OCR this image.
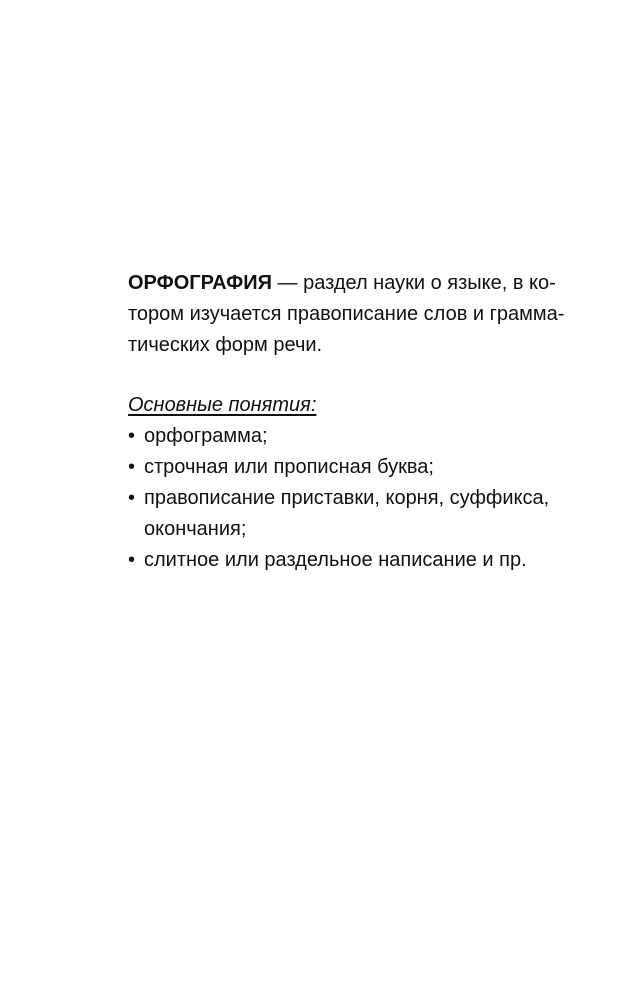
ОРФОГРАФИЯ — раздел науки о языке, в ко-
тором изучается правописание слов и грамма-
тических форм речи.
Основные понятия:
• орфограмма;
• строчная или прописная буква;
• правописание приставки, корня, суффикса,
окончания;
• слитное или раздельное написание и пр.
